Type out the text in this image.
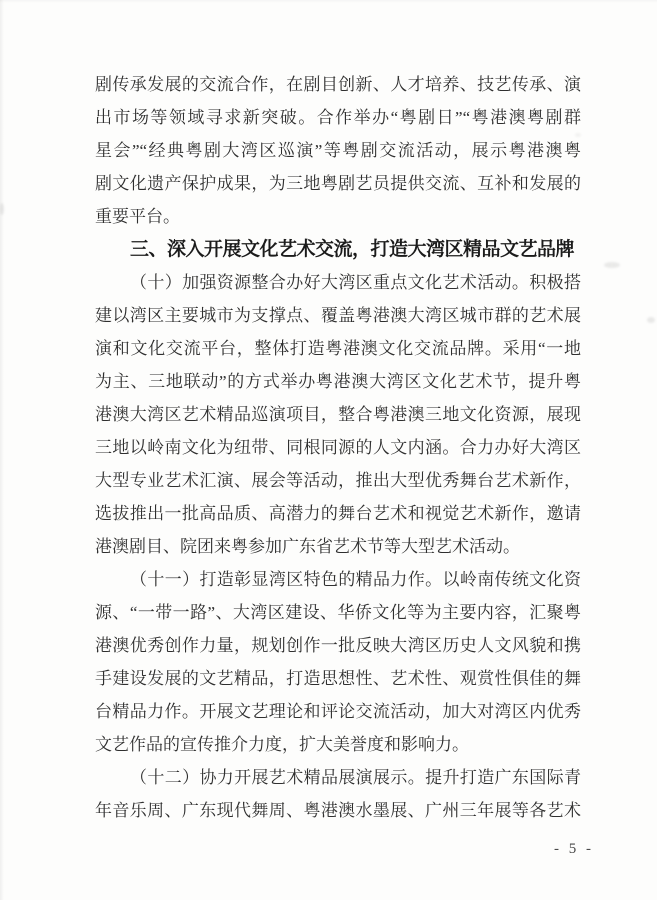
剧传承发展的交流合作，在剧目创新、人才培养、技艺传承、演
出市场等领域寻求新突破。合作举办“粤剧日”“粤港澳粤剧群
星会”“经典粤剧大湾区巡演”等粤剧交流活动，展示粤港澳粤
剧文化遗产保护成果，为三地粤剧艺员提供交流、互补和发展的
重要平台。
三、深入开展文化艺术交流，打造大湾区精品文艺品牌
（十）加强资源整合办好大湾区重点文化艺术活动。积极搭
建以湾区主要城市为支撑点、覆盖粤港澳大湾区城市群的艺术展
演和文化交流平台，整体打造粤港澳文化交流品牌。采用“一地
为主、三地联动”的方式举办粤港澳大湾区文化艺术节，提升粤
港澳大湾区艺术精品巡演项目，整合粤港澳三地文化资源，展现
三地以岭南文化为纽带、同根同源的人文内涵。合力办好大湾区
大型专业艺术汇演、展会等活动，推出大型优秀舞台艺术新作，
选拔推出一批高品质、高潜力的舞台艺术和视觉艺术新作，邀请
港澳剧目、院团来粤参加广东省艺术节等大型艺术活动。
（十一）打造彰显湾区特色的精品力作。以岭南传统文化资
源、“一带一路”、大湾区建设、华侨文化等为主要内容，汇聚粤
港澳优秀创作力量，规划创作一批反映大湾区历史人文风貌和携
手建设发展的文艺精品，打造思想性、艺术性、观赏性俱佳的舞
台精品力作。开展文艺理论和评论交流活动，加大对湾区内优秀
文艺作品的宣传推介力度，扩大美誉度和影响力。
（十二）协力开展艺术精品展演展示。提升打造广东国际青
年音乐周、广东现代舞周、粤港澳水墨展、广州三年展等各艺术
- 5 -
